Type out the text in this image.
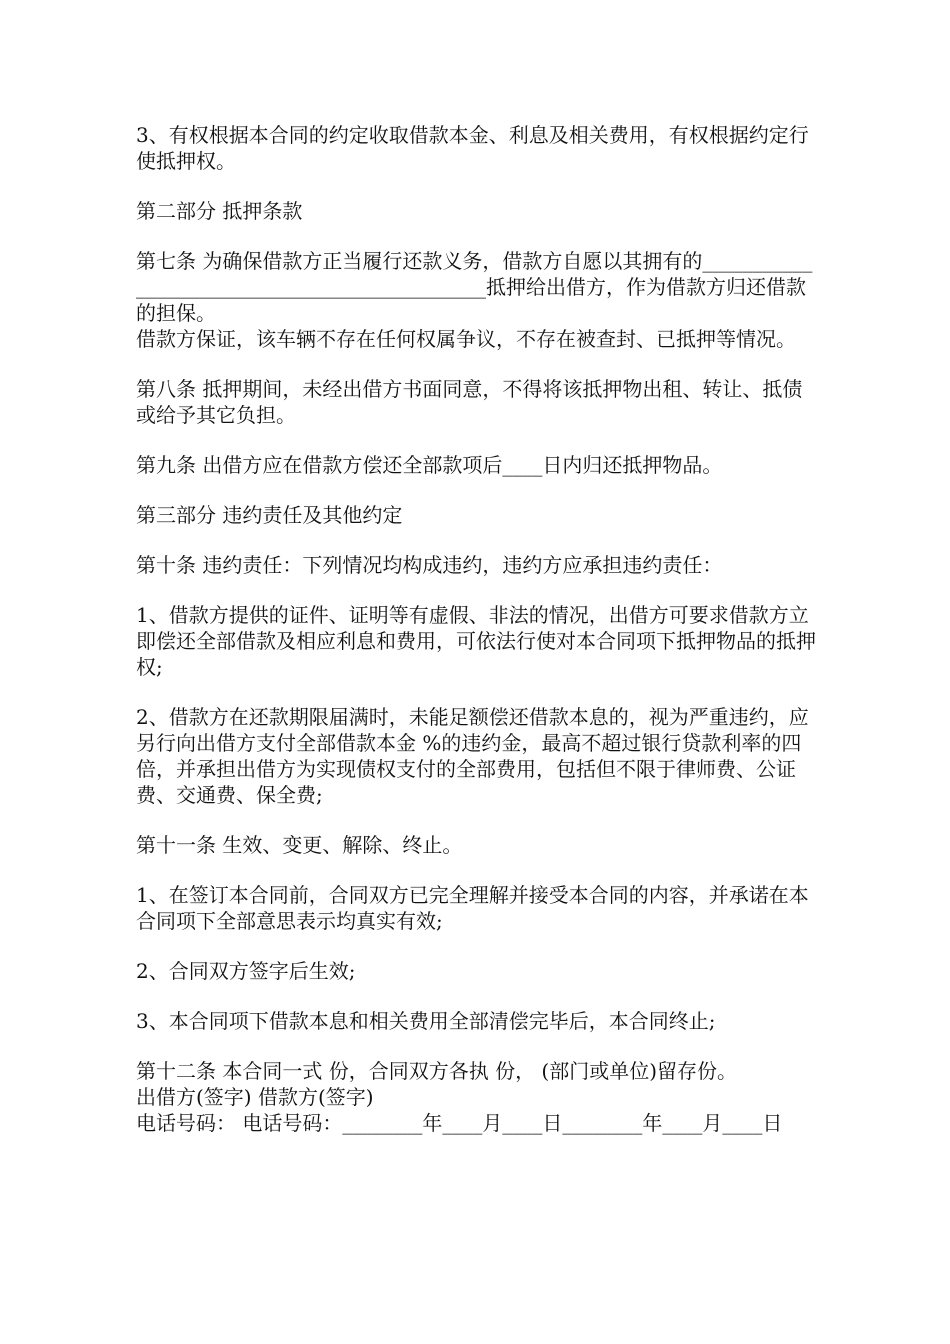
3、有权根据本合同的约定收取借款本金、利息及相关费用，有权根据约定行使抵押权。

第二部分 抵押条款

第七条 为确保借款方正当履行还款义务，借款方自愿以其拥有的______________________________________________抵押给出借方，作为借款方归还借款的担保。

借款方保证，该车辆不存在任何权属争议，不存在被查封、已抵押等情况。

第八条 抵押期间，未经出借方书面同意，不得将该抵押物出租、转让、抵债或给予其它负担。

第九条 出借方应在借款方偿还全部款项后____日内归还抵押物品。

第三部分 违约责任及其他约定

第十条 违约责任：下列情况均构成违约，违约方应承担违约责任：

1、借款方提供的证件、证明等有虚假、非法的情况，出借方可要求借款方立即偿还全部借款及相应利息和费用，可依法行使对本合同项下抵押物品的抵押权;

2、借款方在还款期限届满时，未能足额偿还借款本息的，视为严重违约，应另行向出借方支付全部借款本金 %的违约金，最高不超过银行贷款利率的四倍，并承担出借方为实现债权支付的全部费用，包括但不限于律师费、公证费、交通费、保全费;

第十一条 生效、变更、解除、终止。

1、在签订本合同前，合同双方已完全理解并接受本合同的内容，并承诺在本合同项下全部意思表示均真实有效;

2、合同双方签字后生效;

3、本合同项下借款本息和相关费用全部清偿完毕后，本合同终止;

第十二条 本合同一式 份，合同双方各执 份， (部门或单位)留存份。

出借方(签字) 借款方(签字)

电话号码： 电话号码：________年____月____日________年____月____日
